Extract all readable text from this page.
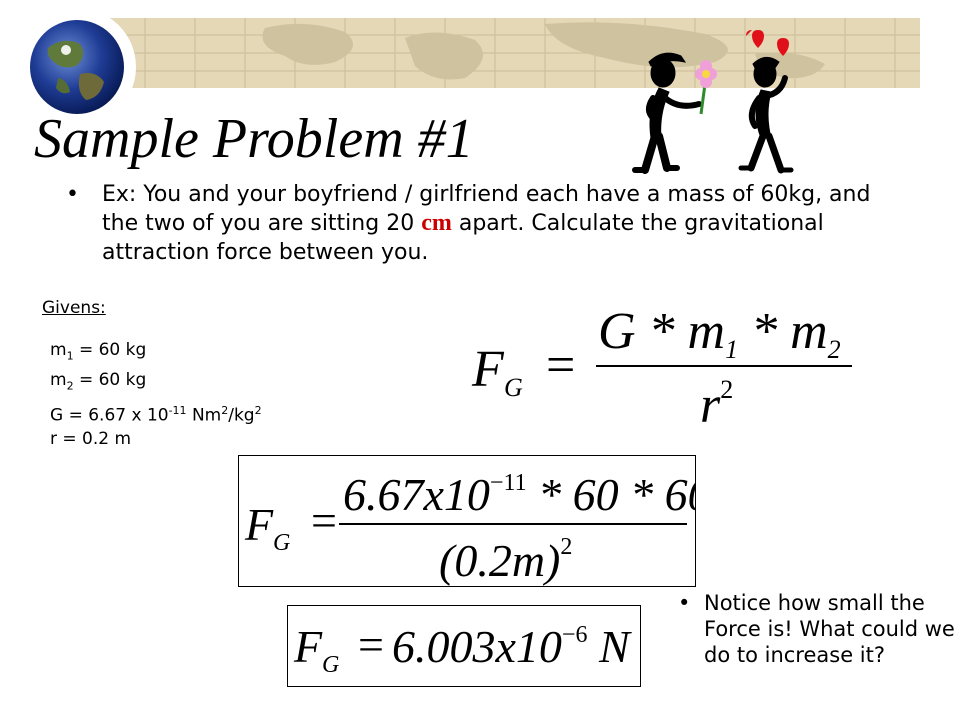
Sample Problem #1
• Ex: You and your boyfriend / girlfriend each have a mass of 60kg, and the two of you are sitting 20 cm apart. Calculate the gravitational attraction force between you.
Givens:
$m_1 = 60$ kg
$m_2 = 60$ kg
G = 6.67 x $10^{-11}$ $Nm^2/kg^2$
r = 0.2 m
F G =
G * m1 * m2
$r^2$
F G =
$6.67x10^{-11} * 60 * 60$
$(0.2m)^2$
F $G = 6.003x10^{-6}$ N
• Notice how small the Force is! What could we do to increase it?
